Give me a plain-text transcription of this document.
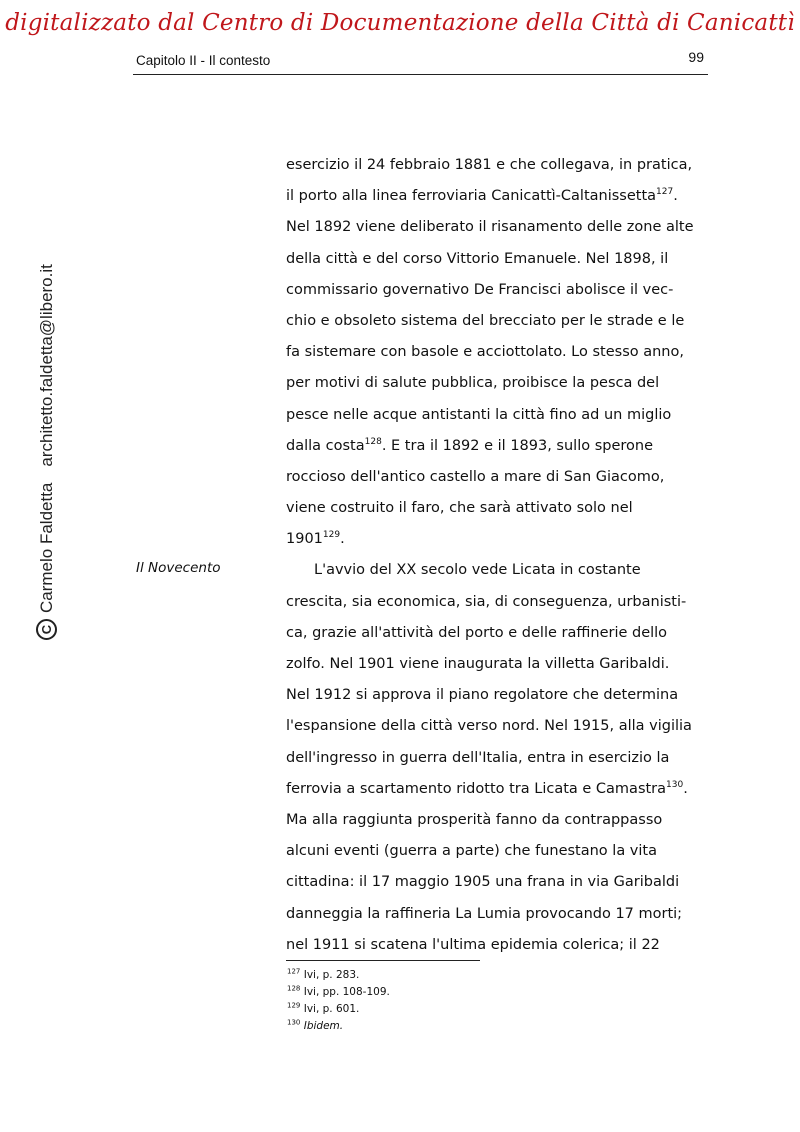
digitalizzato dal Centro di Documentazione della Città di Canicattì
Capitolo II - Il contesto	99
C
Carmelo Faldetta
architetto.faldetta@libero.it
Il Novecento
esercizio il 24 febbraio 1881 e che collegava, in pratica,
il porto alla linea ferroviaria Canicattì-Caltanissetta$^{127}$.
Nel 1892 viene deliberato il risanamento delle zone alte
della città e del corso Vittorio Emanuele. Nel 1898, il
commissario governativo De Francisci abolisce il vec-
chio e obsoleto sistema del brecciato per le strade e le
fa sistemare con basole e acciottolato. Lo stesso anno,
per motivi di salute pubblica, proibisce la pesca del
pesce nelle acque antistanti la città fino ad un miglio
dalla costa$^{128}$. E tra il 1892 e il 1893, sullo sperone
roccioso dell'antico castello a mare di San Giacomo,
viene costruito il faro, che sarà attivato solo nel
1901$^{129}$.
L'avvio del XX secolo vede Licata in costante
crescita, sia economica, sia, di conseguenza, urbanisti-
ca, grazie all'attività del porto e delle raffinerie dello
zolfo. Nel 1901 viene inaugurata la villetta Garibaldi.
Nel 1912 si approva il piano regolatore che determina
l'espansione della città verso nord. Nel 1915, alla vigilia
dell'ingresso in guerra dell'Italia, entra in esercizio la
ferrovia a scartamento ridotto tra Licata e Camastra$^{130}$.
Ma alla raggiunta prosperità fanno da contrappasso
alcuni eventi (guerra a parte) che funestano la vita
cittadina: il 17 maggio 1905 una frana in via Garibaldi
danneggia la raffineria La Lumia provocando 17 morti;
nel 1911 si scatena l'ultima epidemia colerica; il 22
$^{127}$ Ivi, p. 283.
$^{128}$ Ivi, pp. 108-109.
$^{129}$ Ivi, p. 601.
$^{130}$ Ibidem.
